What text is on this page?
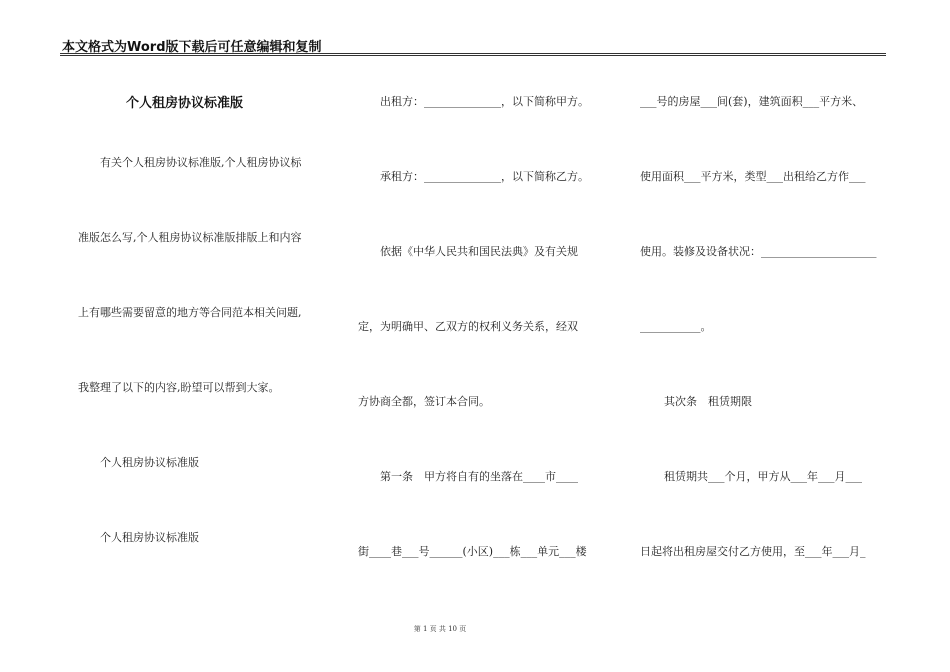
本文格式为Word版下载后可任意编辑和复制
个人租房协议标准版
有关个人租房协议标准版,个人租房协议标
准版怎么写,个人租房协议标准版排版上和内容
上有哪些需要留意的地方等合同范本相关问题,
我整理了以下的内容,盼望可以帮到大家。
个人租房协议标准版
个人租房协议标准版
出租方：______________，以下简称甲方。
承租方：______________，以下简称乙方。
依据《中华人民共和国民法典》及有关规
定，为明确甲、乙双方的权利义务关系，经双
方协商全都，签订本合同。
第一条　甲方将自有的坐落在____市____
街____巷___号______(小区)___栋___单元___楼
___号的房屋___间(套)，建筑面积___平方米、
使用面积___平方米，类型___出租给乙方作___
使用。装修及设备状况：_____________________
___________。
其次条　租赁期限
租赁期共___个月，甲方从___年___月___
日起将出租房屋交付乙方使用，至___年___月_
第 1 页 共 10 页
